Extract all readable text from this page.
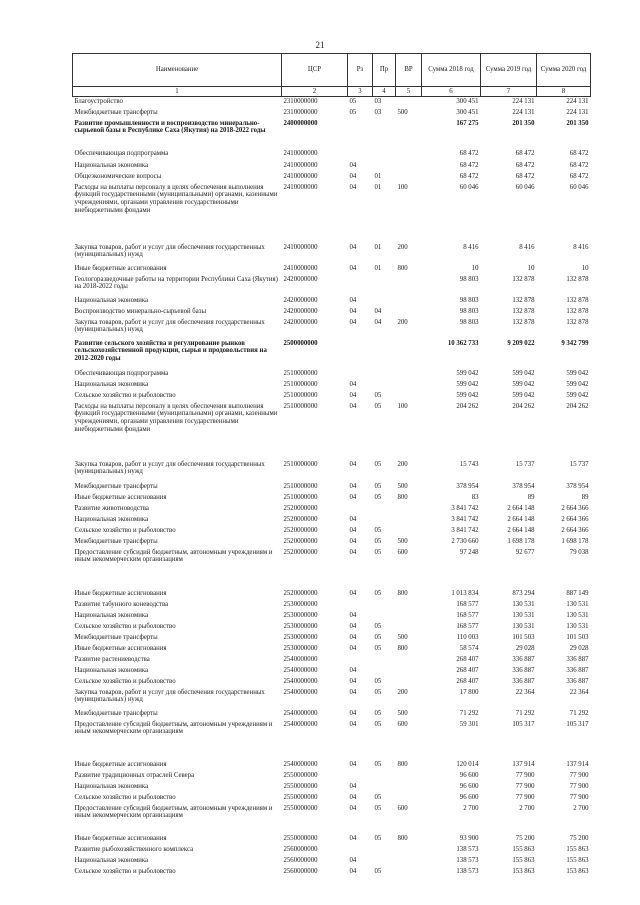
21
Наименование	ЦСР	Рз	Пр	ВР	Сумма 2018 год	Сумма 2019 год	Сумма 2020 год
1	2	3	4	5	6	7	8
Благоустройство	2310000000	05	03		300 451	224 131	224 131
Межбюджетные трансферты	2310000000	05	03	500	300 451	224 131	224 131
Развитие промышленности и воспроизводство минерально-сырьевой базы в Республике Саха (Якутия) на 2018-2022 годы	2400000000				167 275	201 350	201 350
Обеспечивающая подпрограмма	2410000000				68 472	68 472	68 472
Национальная экономика	2410000000	04			68 472	68 472	68 472
Общеэкономические вопросы	2410000000	04	01		68 472	68 472	68 472
Расходы на выплаты персоналу в целях обеспечения выполнения функций государственными (муниципальными) органами, казенными учреждениями, органами управления государственными внебюджетными фондами	2410000000	04	01	100	60 046	60 046	60 046
Закупка товаров, работ и услуг для обеспечения государственных (муниципальных) нужд	2410000000	04	01	200	8 416	8 416	8 416
Иные бюджетные ассигнования	2410000000	04	01	800	10	10	10
Геологоразведочные работы на территории Республики Саха (Якутия) на 2018-2022 годы	2420000000				98 803	132 878	132 878
Национальная экономика	2420000000	04			98 803	132 878	132 878
Воспроизводство минерально-сырьевой базы	2420000000	04	04		98 803	132 878	132 878
Закупка товаров, работ и услуг для обеспечения государственных (муниципальных) нужд	2420000000	04	04	200	98 803	132 878	132 878
Развитие сельского хозяйства и регулирование рынков сельскохозяйственной продукции, сырья и продовольствия на 2012-2020 годы	2500000000				10 362 733	9 209 022	9 342 799
Обеспечивающая подпрограмма	2510000000				599 042	599 042	599 042
Национальная экономика	2510000000	04			599 042	599 042	599 042
Сельское хозяйство и рыболовство	2510000000	04	05		599 042	599 042	599 042
Расходы на выплаты персоналу в целях обеспечения выполнения функций государственными (муниципальными) органами, казенными учреждениями, органами управления государственными внебюджетными фондами	2510000000	04	05	100	204 262	204 262	204 262
Закупка товаров, работ и услуг для обеспечения государственных (муниципальных) нужд	2510000000	04	05	200	15 743	15 737	15 737
Межбюджетные трансферты	2510000000	04	05	500	378 954	378 954	378 954
Иные бюджетные ассигнования	2510000000	04	05	800	83	89	89
Развитие животноводства	2520000000				3 841 742	2 664 148	2 664 366
Национальная экономика	2520000000	04			3 841 742	2 664 148	2 664 366
Сельское хозяйство и рыболовство	2520000000	04	05		3 841 742	2 664 148	2 664 366
Межбюджетные трансферты	2520000000	04	05	500	2 730 660	1 698 178	1 698 178
Предоставление субсидий бюджетным, автономным учреждениям и иным некоммерческим организациям	2520000000	04	05	600	97 248	92 677	79 038
Иные бюджетные ассигнования	2520000000	04	05	800	1 013 834	873 294	887 149
Развитие табунного коневодства	2530000000				168 577	130 531	130 531
Национальная экономика	2530000000	04			168 577	130 531	130 531
Сельское хозяйство и рыболовство	2530000000	04	05		168 577	130 531	130 531
Межбюджетные трансферты	2530000000	04	05	500	110 003	101 503	101 503
Иные бюджетные ассигнования	2530000000	04	05	800	58 574	29 028	29 028
Развитие растениеводства	2540000000				268 407	336 887	336 887
Национальная экономика	2540000000	04			268 407	336 887	336 887
Сельское хозяйство и рыболовство	2540000000	04	05		268 407	336 887	336 887
Закупка товаров, работ и услуг для обеспечения государственных (муниципальных) нужд	2540000000	04	05	200	17 800	22 364	22 364
Межбюджетные трансферты	2540000000	04	05	500	71 292	71 292	71 292
Предоставление субсидий бюджетным, автономным учреждениям и иным некоммерческим организациям	2540000000	04	05	600	59 301	105 317	105 317
Иные бюджетные ассигнования	2540000000	04	05	800	120 014	137 914	137 914
Развитие традиционных отраслей Севера	2550000000				96 600	77 900	77 900
Национальная экономика	2550000000	04			96 600	77 900	77 900
Сельское хозяйство и рыболовство	2550000000	04	05		96 600	77 900	77 900
Предоставление субсидий бюджетным, автономным учреждениям и иным некоммерческим организациям	2550000000	04	05	600	2 700	2 700	2 700
Иные бюджетные ассигнования	2550000000	04	05	800	93 900	75 200	75 200
Развитие рыбохозяйственного комплекса	2560000000				138 573	155 863	155 863
Национальная экономика	2560000000	04			138 573	155 863	155 863
Сельское хозяйство и рыболовство	2560000000	04	05		138 573	153 863	153 863
